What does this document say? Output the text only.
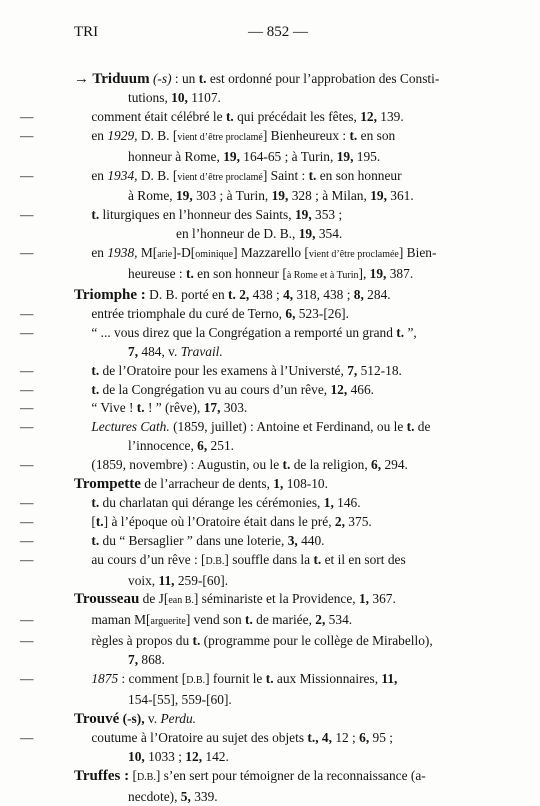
TRI	— 852 —
→ Triduum (-s) : un t. est ordonné pour l’approbation des Consti-
tutions, 10, 1107.
—	comment était célébré le t. qui précédait les fêtes, 12, 139.
—	en 1929, D. B. [vient d’être proclamé] Bienheureux : t. en son
honneur à Rome, 19, 164-65 ; à Turin, 19, 195.
—	en 1934, D. B. [vient d’être proclamé] Saint : t. en son honneur
à Rome, 19, 303 ; à Turin, 19, 328 ; à Milan, 19, 361.
—	t. liturgiques en l’honneur des Saints, 19, 353 ;
en l’honneur de D. B., 19, 354.
—	en 1938, M[arie]-D[ominique] Mazzarello [vient d’être proclamée] Bien-
heureuse : t. en son honneur [à Rome et à Turin], 19, 387.
Triomphe : D. B. porté en t. 2, 438 ; 4, 318, 438 ; 8, 284.
—	entrée triomphale du curé de Terno, 6, 523-[26].
—	“ ... vous direz que la Congrégation a remporté un grand t. ”,
7, 484, v. Travail.
—	t. de l’Oratoire pour les examens à l’Universté, 7, 512-18.
—	t. de la Congrégation vu au cours d’un rêve, 12, 466.
—	“ Vive ! t. ! ” (rêve), 17, 303.
—	Lectures Cath. (1859, juillet) : Antoine et Ferdinand, ou le t. de
l’innocence, 6, 251.
—	(1859, novembre) : Augustin, ou le t. de la religion, 6, 294.
Trompette de l’arracheur de dents, 1, 108-10.
—	t. du charlatan qui dérange les cérémonies, 1, 146.
—	[t.] à l’époque où l’Oratoire était dans le pré, 2, 375.
—	t. du “ Bersaglier ” dans une loterie, 3, 440.
—	au cours d’un rêve : [D.B.] souffle dans la t. et il en sort des
voix, 11, 259-[60].
Trousseau de J[ean B.] séminariste et la Providence, 1, 367.
—	maman M[arguerite] vend son t. de mariée, 2, 534.
—	règles à propos du t. (programme pour le collège de Mirabello),
7, 868.
—	1875 : comment [D.B.] fournit le t. aux Missionnaires, 11,
154-[55], 559-[60].
Trouvé (-s), v. Perdu.
—	coutume à l’Oratoire au sujet des objets t., 4, 12 ; 6, 95 ;
10, 1033 ; 12, 142.
Truffes : [D.B.] s’en sert pour témoigner de la reconnaissance (a-
necdote), 5, 339.
